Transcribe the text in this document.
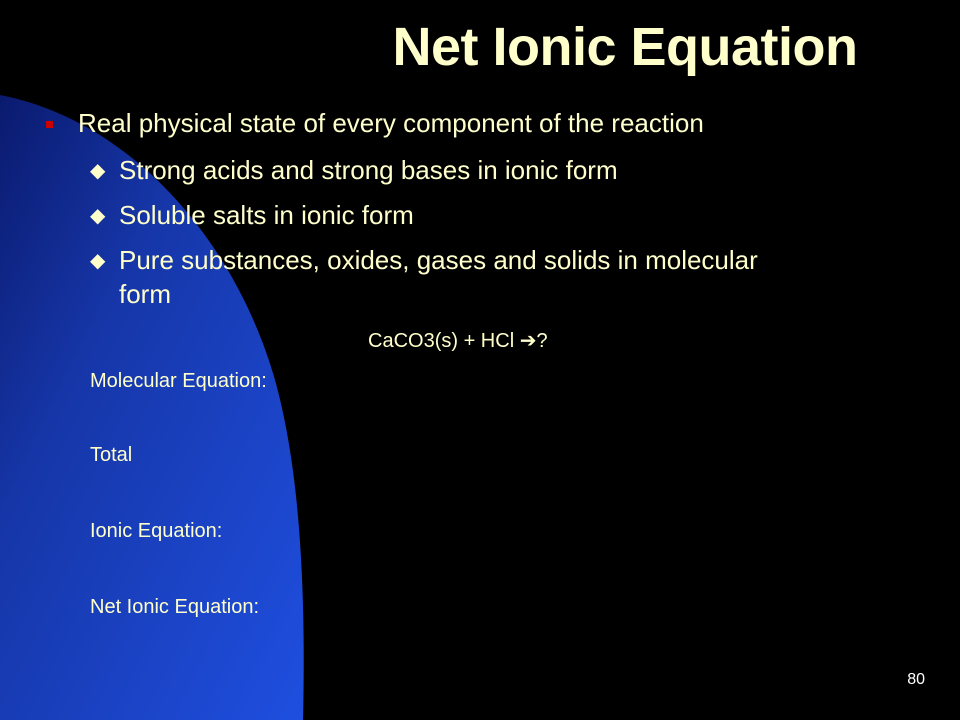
Net Ionic Equation
Real physical state of every component of the reaction
◆ Strong acids and strong bases in ionic form
◆ Soluble salts in ionic form
◆ Pure substances, oxides, gases and solids in molecular form
CaCO3(s) + HCl ➔?
Molecular Equation:
Total
Ionic Equation:
Net Ionic Equation:
80
